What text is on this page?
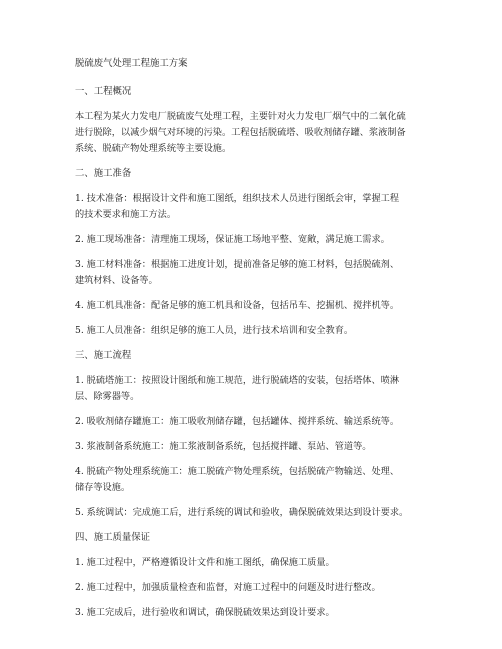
脱硫废气处理工程施工方案
一、工程概况
本工程为某火力发电厂脱硫废气处理工程，主要针对火力发电厂烟气中的二氧化硫
进行脱除，以减少烟气对环境的污染。工程包括脱硫塔、吸收剂储存罐、浆液制备
系统、脱硫产物处理系统等主要设施。
二、施工准备
1. 技术准备：根据设计文件和施工图纸，组织技术人员进行图纸会审，掌握工程
的技术要求和施工方法。
2. 施工现场准备：清理施工现场，保证施工场地平整、宽敞，满足施工需求。
3. 施工材料准备：根据施工进度计划，提前准备足够的施工材料，包括脱硫剂、
建筑材料、设备等。
4. 施工机具准备：配备足够的施工机具和设备，包括吊车、挖掘机、搅拌机等。
5. 施工人员准备：组织足够的施工人员，进行技术培训和安全教育。
三、施工流程
1. 脱硫塔施工：按照设计图纸和施工规范，进行脱硫塔的安装，包括塔体、喷淋
层、除雾器等。
2. 吸收剂储存罐施工：施工吸收剂储存罐，包括罐体、搅拌系统、输送系统等。
3. 浆液制备系统施工：施工浆液制备系统，包括搅拌罐、泵站、管道等。
4. 脱硫产物处理系统施工：施工脱硫产物处理系统，包括脱硫产物输送、处理、
储存等设施。
5. 系统调试：完成施工后，进行系统的调试和验收，确保脱硫效果达到设计要求。
四、施工质量保证
1. 施工过程中，严格遵循设计文件和施工图纸，确保施工质量。
2. 施工过程中，加强质量检查和监督，对施工过程中的问题及时进行整改。
3. 施工完成后，进行验收和调试，确保脱硫效果达到设计要求。
